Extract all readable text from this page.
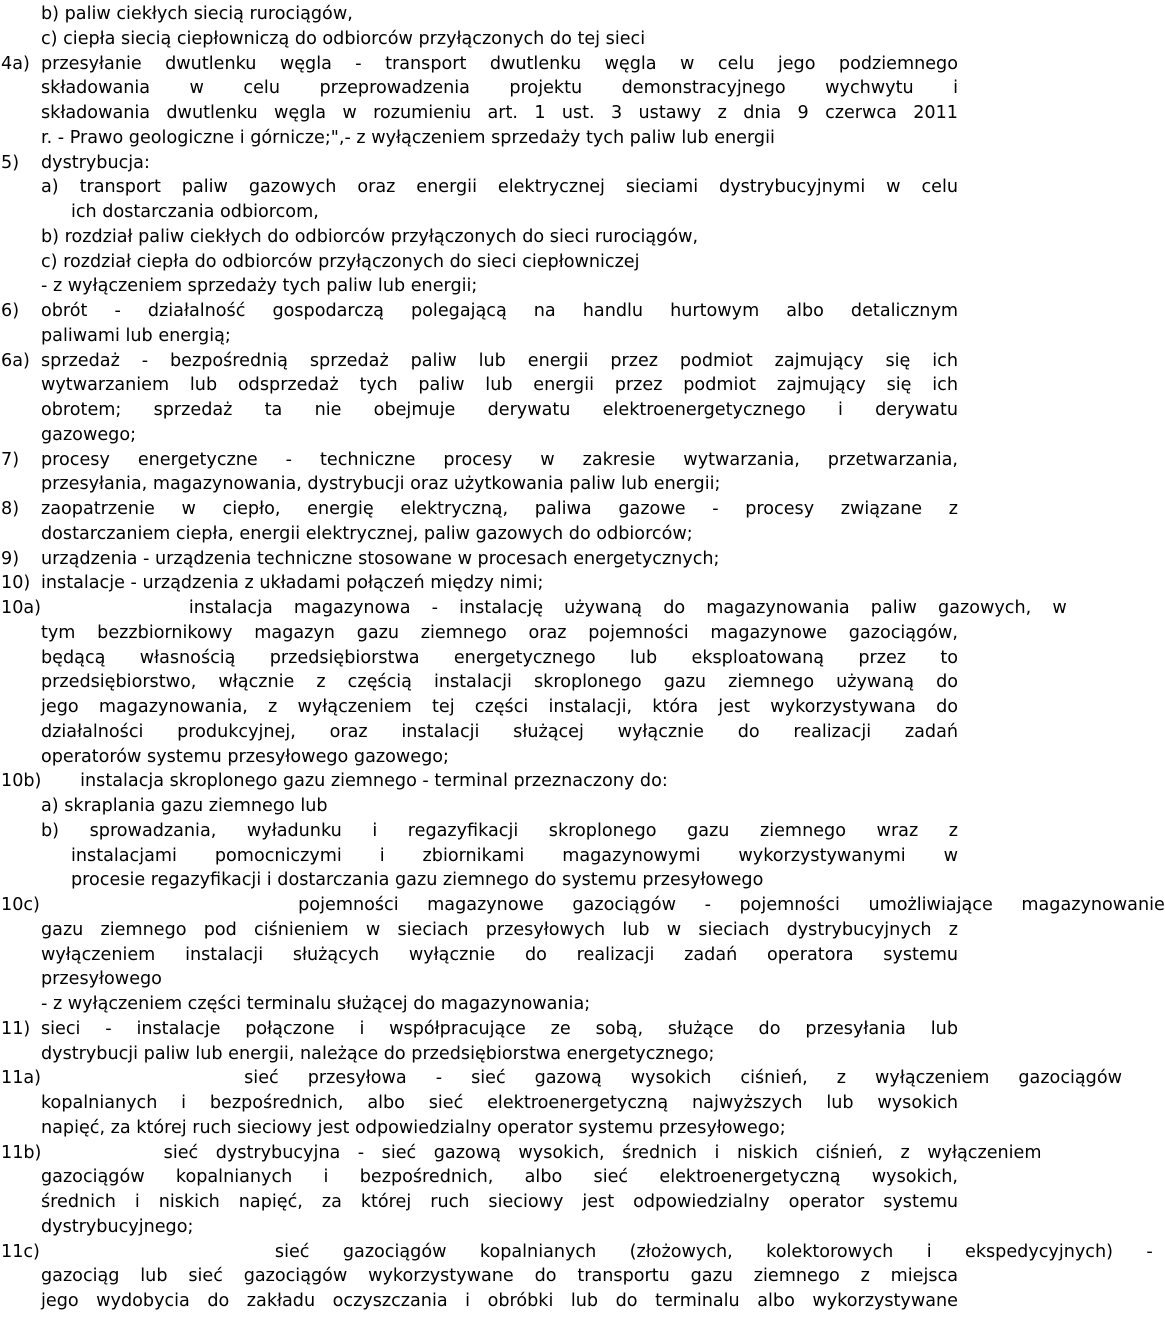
b) paliw ciekłych siecią rurociągów,
c) ciepła siecią ciepłowniczą do odbiorców przyłączonych do tej sieci
4a) przesyłanie dwutlenku węgla - transport dwutlenku węgla w celu jego podziemnego
składowania w celu przeprowadzenia projektu demonstracyjnego wychwytu i
składowania dwutlenku węgla w rozumieniu art. 1 ust. 3 ustawy z dnia 9 czerwca 2011
r. - Prawo geologiczne i górnicze;",- z wyłączeniem sprzedaży tych paliw lub energii
5)	dystrybucja:
a) transport paliw gazowych oraz energii elektrycznej sieciami dystrybucyjnymi w celu
ich dostarczania odbiorcom,
b) rozdział paliw ciekłych do odbiorców przyłączonych do sieci rurociągów,
c) rozdział ciepła do odbiorców przyłączonych do sieci ciepłowniczej
- z wyłączeniem sprzedaży tych paliw lub energii;
6)	obrót - działalność gospodarczą polegającą na handlu hurtowym albo detalicznym
paliwami lub energią;
6a) sprzedaż - bezpośrednią sprzedaż paliw lub energii przez podmiot zajmujący się ich
wytwarzaniem lub odsprzedaż tych paliw lub energii przez podmiot zajmujący się ich
obrotem; sprzedaż ta nie obejmuje derywatu elektroenergetycznego i derywatu
gazowego;
7)	procesy energetyczne - techniczne procesy w zakresie wytwarzania, przetwarzania,
przesyłania, magazynowania, dystrybucji oraz użytkowania paliw lub energii;
8)	zaopatrzenie w ciepło, energię elektryczną, paliwa gazowe - procesy związane z
dostarczaniem ciepła, energii elektrycznej, paliw gazowych do odbiorców;
9)	urządzenia - urządzenia techniczne stosowane w procesach energetycznych;
10) instalacje - urządzenia z układami połączeń między nimi;
10a) instalacja magazynowa - instalację używaną do magazynowania paliw gazowych, w
tym bezzbiornikowy magazyn gazu ziemnego oraz pojemności magazynowe gazociągów,
będącą własnością przedsiębiorstwa energetycznego lub eksploatowaną przez to
przedsiębiorstwo, włącznie z częścią instalacji skroplonego gazu ziemnego używaną do
jego magazynowania, z wyłączeniem tej części instalacji, która jest wykorzystywana do
działalności produkcyjnej, oraz instalacji służącej wyłącznie do realizacji zadań
operatorów systemu przesyłowego gazowego;
10b) instalacja skroplonego gazu ziemnego - terminal przeznaczony do:
a) skraplania gazu ziemnego lub
b) sprowadzania, wyładunku i regazyfikacji skroplonego gazu ziemnego wraz z
instalacjami pomocniczymi i zbiornikami magazynowymi wykorzystywanymi w
procesie regazyfikacji i dostarczania gazu ziemnego do systemu przesyłowego
10c) pojemności magazynowe gazociągów - pojemności umożliwiające magazynowanie
gazu ziemnego pod ciśnieniem w sieciach przesyłowych lub w sieciach dystrybucyjnych z
wyłączeniem instalacji służących wyłącznie do realizacji zadań operatora systemu
przesyłowego
- z wyłączeniem części terminalu służącej do magazynowania;
11) sieci - instalacje połączone i współpracujące ze sobą, służące do przesyłania lub
dystrybucji paliw lub energii, należące do przedsiębiorstwa energetycznego;
11a) sieć przesyłowa - sieć gazową wysokich ciśnień, z wyłączeniem gazociągów
kopalnianych i bezpośrednich, albo sieć elektroenergetyczną najwyższych lub wysokich
napięć, za której ruch sieciowy jest odpowiedzialny operator systemu przesyłowego;
11b) sieć dystrybucyjna - sieć gazową wysokich, średnich i niskich ciśnień, z wyłączeniem
gazociągów kopalnianych i bezpośrednich, albo sieć elektroenergetyczną wysokich,
średnich i niskich napięć, za której ruch sieciowy jest odpowiedzialny operator systemu
dystrybucyjnego;
11c) sieć gazociągów kopalnianych (złożowych, kolektorowych i ekspedycyjnych) -
gazociąg lub sieć gazociągów wykorzystywane do transportu gazu ziemnego z miejsca
jego wydobycia do zakładu oczyszczania i obróbki lub do terminalu albo wykorzystywane
